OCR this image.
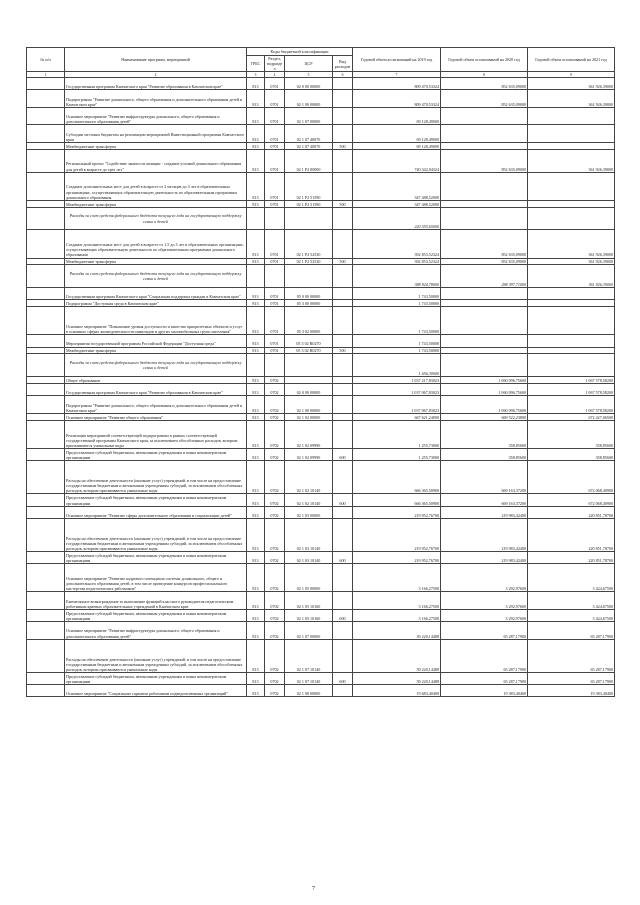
№ п/п	Наименование программ, мероприятий	Коды бюджетной классификации				Годовой объем ассигнований на 2019 год	Годовой объем ассигнований на 2020 год	Годовой объем ассигнований на 2021 год
		ГРБС	Раздел, подраздел	ЦСР	Вид расходов			
1	2	3	4	5	6	7	8	9
	Государственная программа Камчатского края "Развитие образования в Камчатском крае"	813	0701	02 0 00 00000		809 470,53324	852 635,09000	361 926,39000
	Подпрограмма "Развитие дошкольного, общего образования и дополнительного образования детей в Камчатском крае"	813	0701	02 1 00 00000		809 470,53324	852 635,09000	361 926,39000
	Основное мероприятие "Развитие инфраструктуры дошкольного, общего образования и дополнительного образования детей"	813	0701	02 1 07 00000		69 128,49000		
	Субсидии местным бюджетам на реализацию мероприятий Инвестиционной программы Камчатского края	813	0701	02 1 07 40070		69 128,49000		
	Межбюджетные трансферты	813	0701	02 1 07 40070	500	69 128,49000		
	Региональный проект "Содействие занятости женщин - создание условий дошкольного образования для детей в возрасте до трех лет"	813	0701	02 1 P2 00000		740 342,04324	852 635,09000	361 926,39000
	Создание дополнительных мест для детей в возрасте от 2 месяцев до 3 лет в образовательных организациях, осуществляющих образовательную деятельность по образовательным программам дошкольного образования	813	0701	02 1 P2 51590		347 488,52000		
	Межбюджетные трансферты	813	0701	02 1 P2 51590	500	347 488,52000		
	Расходы за счет средств федерального бюджета текущего года на государственную поддержку семьи и детей					220 555,65000		
	Создание дополнительных мест для детей в возрасте от 1,5 до 3 лет в образовательных организациях, осуществляющих образовательную деятельность по образовательным программам дошкольного образования	813	0701	02 1 P2 52530		392 853,52324	852 635,09000	361 926,39000
	Межбюджетные трансферты	813	0701	02 1 P2 52530	500	392 853,52324	852 635,09000	361 926,39000
	Расходы за счет средств федерального бюджета текущего года на государственную поддержку семьи и детей					388 924,78000	298 397,71000	361 926,39000
	Государственная программа Камчатского края "Социальная поддержка граждан в Камчатском крае"	813	0701	05 0 00 00000		1 743,50000		
	Подпрограмма "Доступная среда в Камчатском крае"	813	0701	05 3 00 00000		1 743,50000		
	Основное мероприятие "Повышение уровня доступности и качества приоритетных объектов и услуг в основных сферах жизнедеятельности инвалидов и других маломобильных групп населения"	813	0701	05 3 02 00000		1 743,50000		
	Мероприятия государственной программы Российской Федерации "Доступная среда"	813	0701	05 3 02 R0270		1 743,50000		
	Межбюджетные трансферты	813	0701	05 3 02 R0270	500	1 743,50000		
	Расходы за счет средств федерального бюджета текущего года на государственную поддержку семьи и детей					1 656,30000		
	Общее образование	813	0702			1 037 217,83023	1 060 096,75600	1 067 578,58200
	Государственная программа Камчатского края "Развитие образования в Камчатском крае"	813	0702	02 0 00 00000		1 037 067,83023	1 060 096,75600	1 067 578,58200
	Подпрограмма "Развитие дошкольного, общего образования и дополнительного образования детей в Камчатском крае"	813	0702	02 1 00 00000		1 037 067,83023	1 060 096,75600	1 067 578,58200
	Основное мероприятие "Развитие общего образования"	813	0702	02 1 02 00000		667 621,24000	669 522,23800	672 427,06500
	Реализация мероприятий соответствующей подпрограммы в рамках соответствующей государственной программы Камчатского края, за исключением обособленных расходов, которым присваиваются уникальные коды	813	0702	02 1 02 09990		1 255,73000	358,85600	358,85600
	Предоставление субсидий бюджетным, автономным учреждениям и иным некоммерческим организациям	813	0702	02 1 02 09990	600	1 255,73000	358,85600	358,85600
	Расходы на обеспечение деятельности (оказание услуг) учреждений, в том числе на предоставление государственным бюджетным и автономным учреждениям субсидий, за исключением обособленных расходов, которым присваиваются уникальные коды	813	0702	02 1 02 10140		666 365,50900	669 163,37200	672 068,40900
	Предоставление субсидий бюджетным, автономным учреждениям и иным некоммерческим организациям	813	0702	02 1 02 10140	600	666 365,50900	669 163,37200	672 068,40900
	Основное мероприятие "Развитие сферы дополнительного образования и социализации детей"	813	0702	02 1 03 00000		219 952,76700	219 983,42400	220 851,78700
	Расходы на обеспечение деятельности (оказание услуг) учреждений, в том числе на предоставление государственным бюджетным и автономным учреждениям субсидий, за исключением обособленных расходов, которым присваиваются уникальные коды	813	0702	02 1 03 10140		219 952,76700	219 983,42400	220 851,78700
	Предоставление субсидий бюджетным, автономным учреждениям и иным некоммерческим организациям	813	0702	02 1 03 10140	600	219 952,76700	219 983,42400	220 851,78700
	Основное мероприятие "Развитие кадрового потенциала системы дошкольного, общего и дополнительного образования детей, в том числе проведение конкурсов профессионального мастерства педагогических работников"	813	0702	02 1 05 00000		3 166,27500	3 292,97600	3 424,67500
	Ежемесячное вознаграждение за выполнение функций классного руководителя педагогическим работникам краевых образовательных учреждений в Камчатском крае	813	0702	02 1 05 10160		3 166,27500	3 292,97600	3 424,67500
	Предоставление субсидий бюджетным, автономным учреждениям и иным некоммерческим организациям	813	0702	02 1 05 10160	600	3 166,27500	3 292,97600	3 424,67500
	Основное мероприятие "Развитие инфраструктуры дошкольного, общего образования и дополнительного образования детей"	813	0702	02 1 07 00000		39 220,14488	65 287,17900	65 287,17900
	Расходы на обеспечение деятельности (оказание услуг) учреждений, в том числе на предоставление государственным бюджетным и автономным учреждениям субсидий, за исключением обособленных расходов, которым присваиваются уникальные коды	813	0702	02 1 07 10140		39 220,14488	65 287,17900	65 287,17900
	Предоставление субсидий бюджетным, автономным учреждениям и иным некоммерческим организациям	813	0702	02 1 07 10140	600	39 220,14488	65 287,17900	65 287,17900
	Основное мероприятие "Социальные гарантии работникам подведомственных организаций"	813	0702	02 1 08 00000		19 683,40400	19 383,40400	19 383,40400
7
